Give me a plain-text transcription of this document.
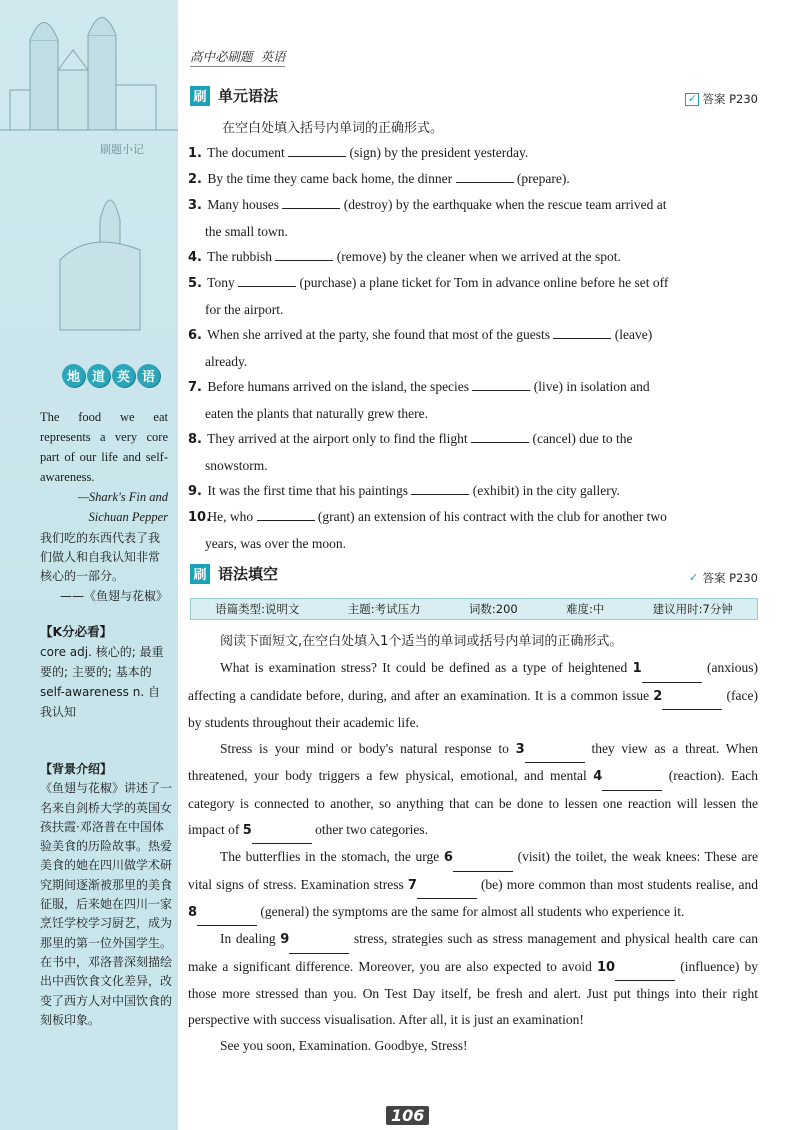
刷题小记
地 道 英 语
The food we eat represents a very core part of our life and self-awareness.
—Shark's Fin and Sichuan Pepper
我们吃的东西代表了我们做人和自我认知非常核心的一部分。
——《鱼翅与花椒》
【K分必看】
core adj. 核心的; 最重要的; 主要的; 基本的
self-awareness n. 自我认知
【背景介绍】
《鱼翅与花椒》讲述了一名来自剑桥大学的英国女孩扶霞·邓洛普在中国体验美食的历险故事。热爱美食的她在四川做学术研究期间逐渐被那里的美食征服，后来她在四川一家烹饪学校学习厨艺，成为那里的第一位外国学生。在书中，邓洛普深刻描绘出中西饮食文化差异，改变了西方人对中国饮食的刻板印象。
高中必刷题 英语
刷 单元语法	✓ 答案 P230
在空白处填入括号内单词的正确形式。
1. The document	(sign) by the president yesterday.
2. By the time they came back home, the dinner	(prepare).
3. Many houses	(destroy) by the earthquake when the rescue team arrived at
the small town.
4. The rubbish	(remove) by the cleaner when we arrived at the spot.
5. Tony	(purchase) a plane ticket for Tom in advance online before he set off
for the airport.
6. When she arrived at the party, she found that most of the guests	(leave)
already.
7. Before humans arrived on the island, the species	(live) in isolation and
eaten the plants that naturally grew there.
8. They arrived at the airport only to find the flight	(cancel) due to the
snowstorm.
9. It was the first time that his paintings	(exhibit) in the city gallery.
10. He, who	(grant) an extension of his contract with the club for another two
years, was over the moon.
刷 语法填空	✓ 答案 P230
语篇类型:说明文	主题:考试压力	词数:200	难度:中	建议用时:7分钟

阅读下面短文,在空白处填入1个适当的单词或括号内单词的正确形式。

What is examination stress? It could be defined as a type of heightened 1	(anxious) affecting a candidate before, during, and after an examination. It is a common issue 2	(face) by students throughout their academic life.

Stress is your mind or body's natural response to 3	they view as a threat. When threatened, your body triggers a few physical, emotional, and mental 4	(reaction). Each category is connected to another, so anything that can be done to lessen one reaction will lessen the impact of 5	other two categories.

The butterflies in the stomach, the urge 6	(visit) the toilet, the weak knees: These are vital signs of stress. Examination stress 7	(be) more common than most students realise, and 8	(general) the symptoms are the same for almost all students who experience it.

In dealing 9	stress, strategies such as stress management and physical health care can make a significant difference. Moreover, you are also expected to avoid 10	(influence) by those more stressed than you. On Test Day itself, be fresh and alert. Just put things into their right perspective with success visualisation. After all, it is just an examination!

See you soon, Examination. Goodbye, Stress!

106
